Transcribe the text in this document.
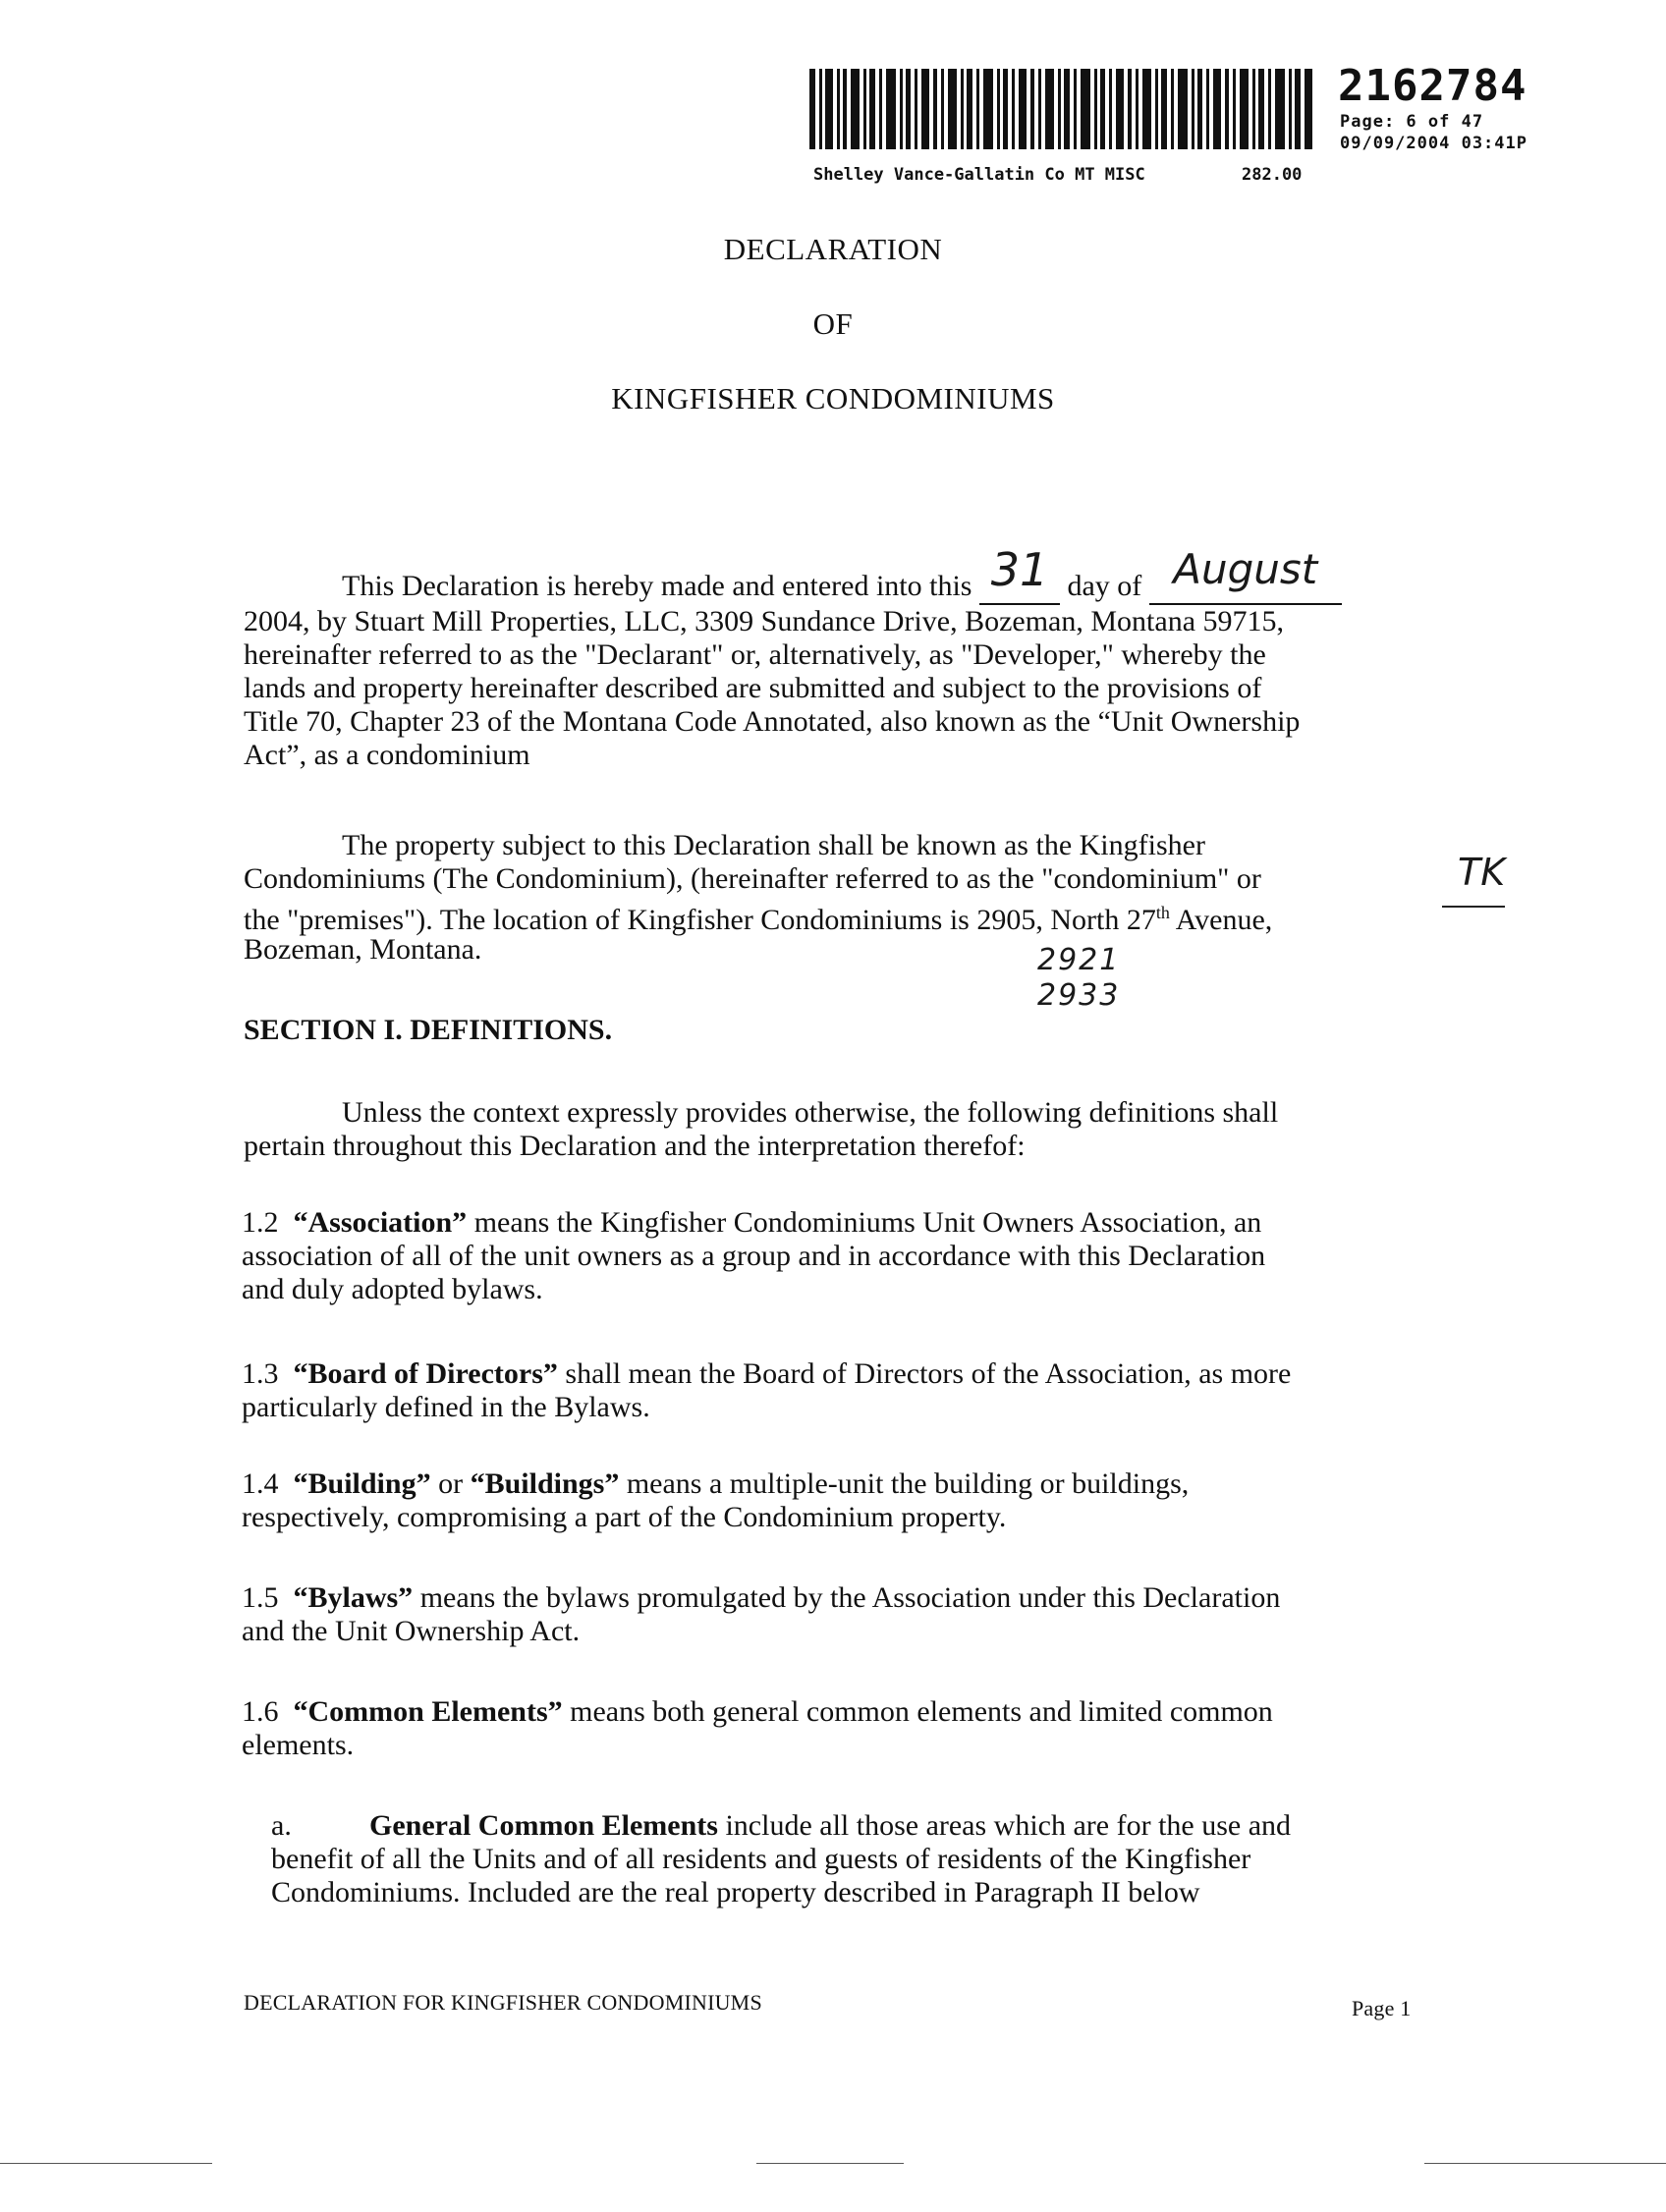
2162784
Page: 6 of 47
09/09/2004 03:41P
Shelley Vance-Gallatin Co MT MISC	282.00
DECLARATION
OF
KINGFISHER CONDOMINIUMS
This Declaration is hereby made and entered into this 31 day of August
2004, by Stuart Mill Properties, LLC, 3309 Sundance Drive, Bozeman, Montana 59715,
hereinafter referred to as the "Declarant" or, alternatively, as "Developer," whereby the
lands and property hereinafter described are submitted and subject to the provisions of
Title 70, Chapter 23 of the Montana Code Annotated, also known as the “Unit Ownership
Act”, as a condominium
The property subject to this Declaration shall be known as the Kingfisher
Condominiums (The Condominium), (hereinafter referred to as the "condominium" or
the "premises"). The location of Kingfisher Condominiums is 2905, North 27th Avenue,
Bozeman, Montana.
TK
2921
2933
SECTION I. DEFINITIONS.
Unless the context expressly provides otherwise, the following definitions shall
pertain throughout this Declaration and the interpretation therefof:
1.2 “Association” means the Kingfisher Condominiums Unit Owners Association, an
association of all of the unit owners as a group and in accordance with this Declaration
and duly adopted bylaws.
1.3 “Board of Directors” shall mean the Board of Directors of the Association, as more
particularly defined in the Bylaws.
1.4 “Building” or “Buildings” means a multiple-unit the building or buildings,
respectively, compromising a part of the Condominium property.
1.5 “Bylaws” means the bylaws promulgated by the Association under this Declaration
and the Unit Ownership Act.
1.6 “Common Elements” means both general common elements and limited common
elements.
a.	General Common Elements include all those areas which are for the use and
benefit of all the Units and of all residents and guests of residents of the Kingfisher
Condominiums. Included are the real property described in Paragraph II below
DECLARATION FOR KINGFISHER CONDOMINIUMS	Page 1
